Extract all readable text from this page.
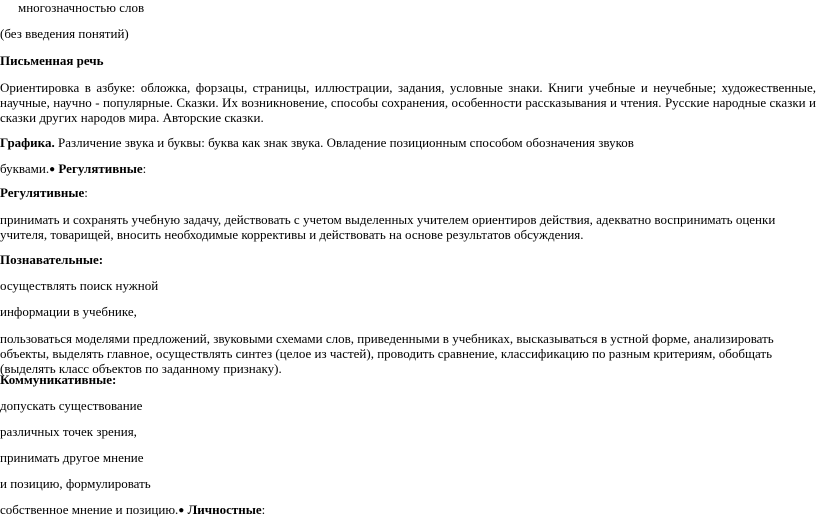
многозначностью слов

(без введения понятий)

Письменная речь

Ориентировка в азбуке: обложка, форзацы, страницы, иллюстрации, задания, условные знаки. Книги учебные и неучебные; художественные, научные, научно - популярные. Сказки. Их возникновение, способы сохранения, особенности рассказывания и чтения. Русские народные сказки и сказки других народов мира. Авторские сказки.

Графика. Различение звука и буквы: буква как знак звука. Овладение позиционным способом обозначения звуков

буквами.● Регулятивные:

Регулятивные:

принимать и сохранять учебную задачу, действовать с учетом выделенных учителем ориентиров действия, адекватно воспринимать оценки учителя, товарищей, вносить необходимые коррективы и действовать на основе результатов обсуждения.

Познавательные:

осуществлять поиск нужной

информации в учебнике,

пользоваться моделями предложений, звуковыми схемами слов, приведенными в учебниках, высказываться в устной форме, анализировать объекты, выделять главное, осуществлять синтез (целое из частей), проводить сравнение, классификацию по разным критериям, обобщать (выделять класс объектов по заданному признаку).

Коммуникативные:

допускать существование

различных точек зрения,

принимать другое мнение

и позицию, формулировать

собственное мнение и позицию.● Личностные:
